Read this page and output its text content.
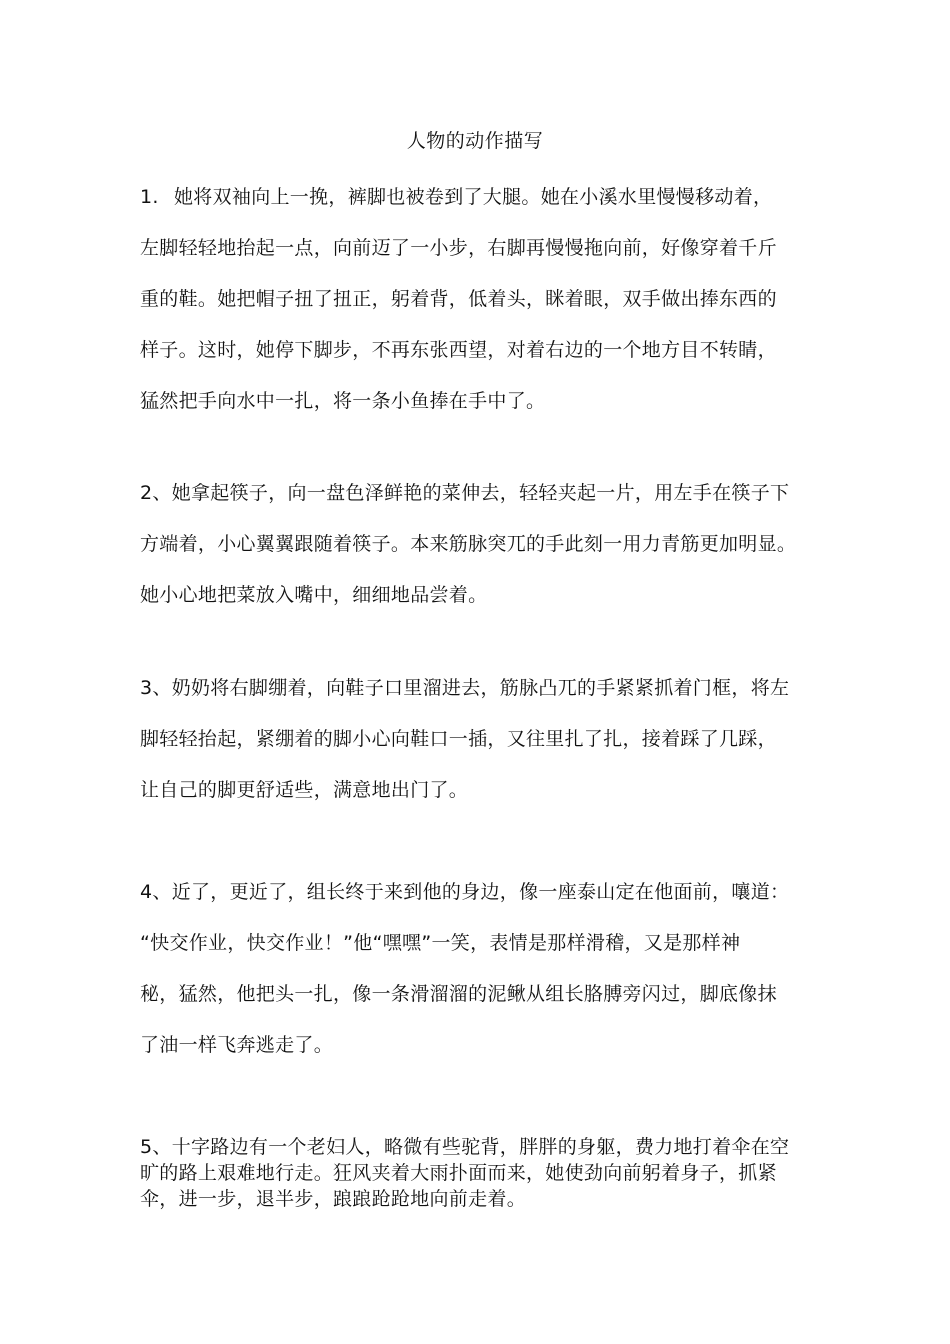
人物的动作描写

1. 她将双袖向上一挽，裤脚也被卷到了大腿。她在小溪水里慢慢移动着，
左脚轻轻地抬起一点，向前迈了一小步，右脚再慢慢拖向前，好像穿着千斤
重的鞋。她把帽子扭了扭正，躬着背，低着头，眯着眼，双手做出捧东西的
样子。这时，她停下脚步，不再东张西望，对着右边的一个地方目不转睛，
猛然把手向水中一扎，将一条小鱼捧在手中了。

2、她拿起筷子，向一盘色泽鲜艳的菜伸去，轻轻夹起一片，用左手在筷子下
方端着，小心翼翼跟随着筷子。本来筋脉突兀的手此刻一用力青筋更加明显。
她小心地把菜放入嘴中，细细地品尝着。

3、奶奶将右脚绷着，向鞋子口里溜进去，筋脉凸兀的手紧紧抓着门框，将左
脚轻轻抬起，紧绷着的脚小心向鞋口一插，又往里扎了扎，接着踩了几踩，
让自己的脚更舒适些，满意地出门了。

4、近了，更近了，组长终于来到他的身边，像一座泰山定在他面前，嚷道：
“快交作业，快交作业！”他“嘿嘿”一笑，表情是那样滑稽，又是那样神
秘，猛然，他把头一扎，像一条滑溜溜的泥鳅从组长胳膊旁闪过，脚底像抹
了油一样飞奔逃走了。

5、十字路边有一个老妇人，略微有些驼背，胖胖的身躯，费力地打着伞在空
旷的路上艰难地行走。狂风夹着大雨扑面而来，她使劲向前躬着身子，抓紧
伞，进一步，退半步，踉踉跄跄地向前走着。
